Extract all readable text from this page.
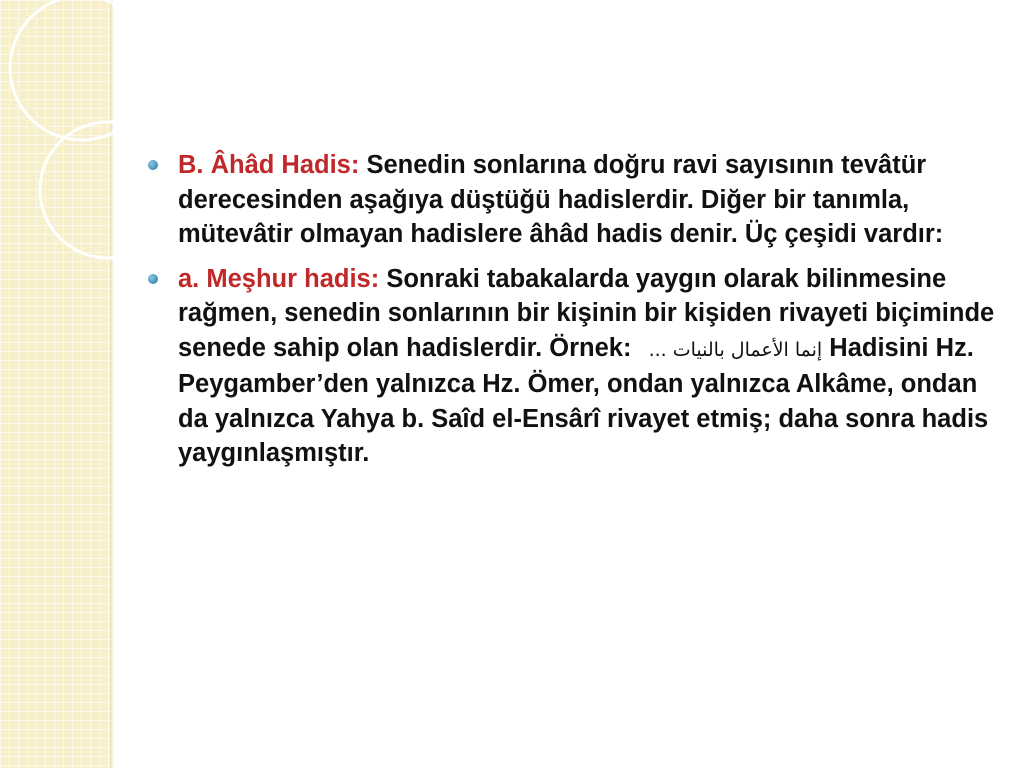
B. Âhâd Hadis: Senedin sonlarına doğru ravi sayısının tevâtür derecesinden aşağıya düştüğü hadislerdir. Diğer bir tanımla, mütevâtir olmayan hadislere âhâd hadis denir. Üç çeşidi vardır:
a. Meşhur hadis: Sonraki tabakalarda yaygın olarak bilinmesine rağmen, senedin sonlarının bir kişinin bir kişiden rivayeti biçiminde senede sahip olan hadislerdir. Örnek: إنما الأعمال بالنيات ... Hadisini Hz. Peygamber’den yalnızca Hz. Ömer, ondan yalnızca Alkâme, ondan da yalnızca Yahya b. Saîd el-Ensârî rivayet etmiş; daha sonra hadis yaygınlaşmıştır.
